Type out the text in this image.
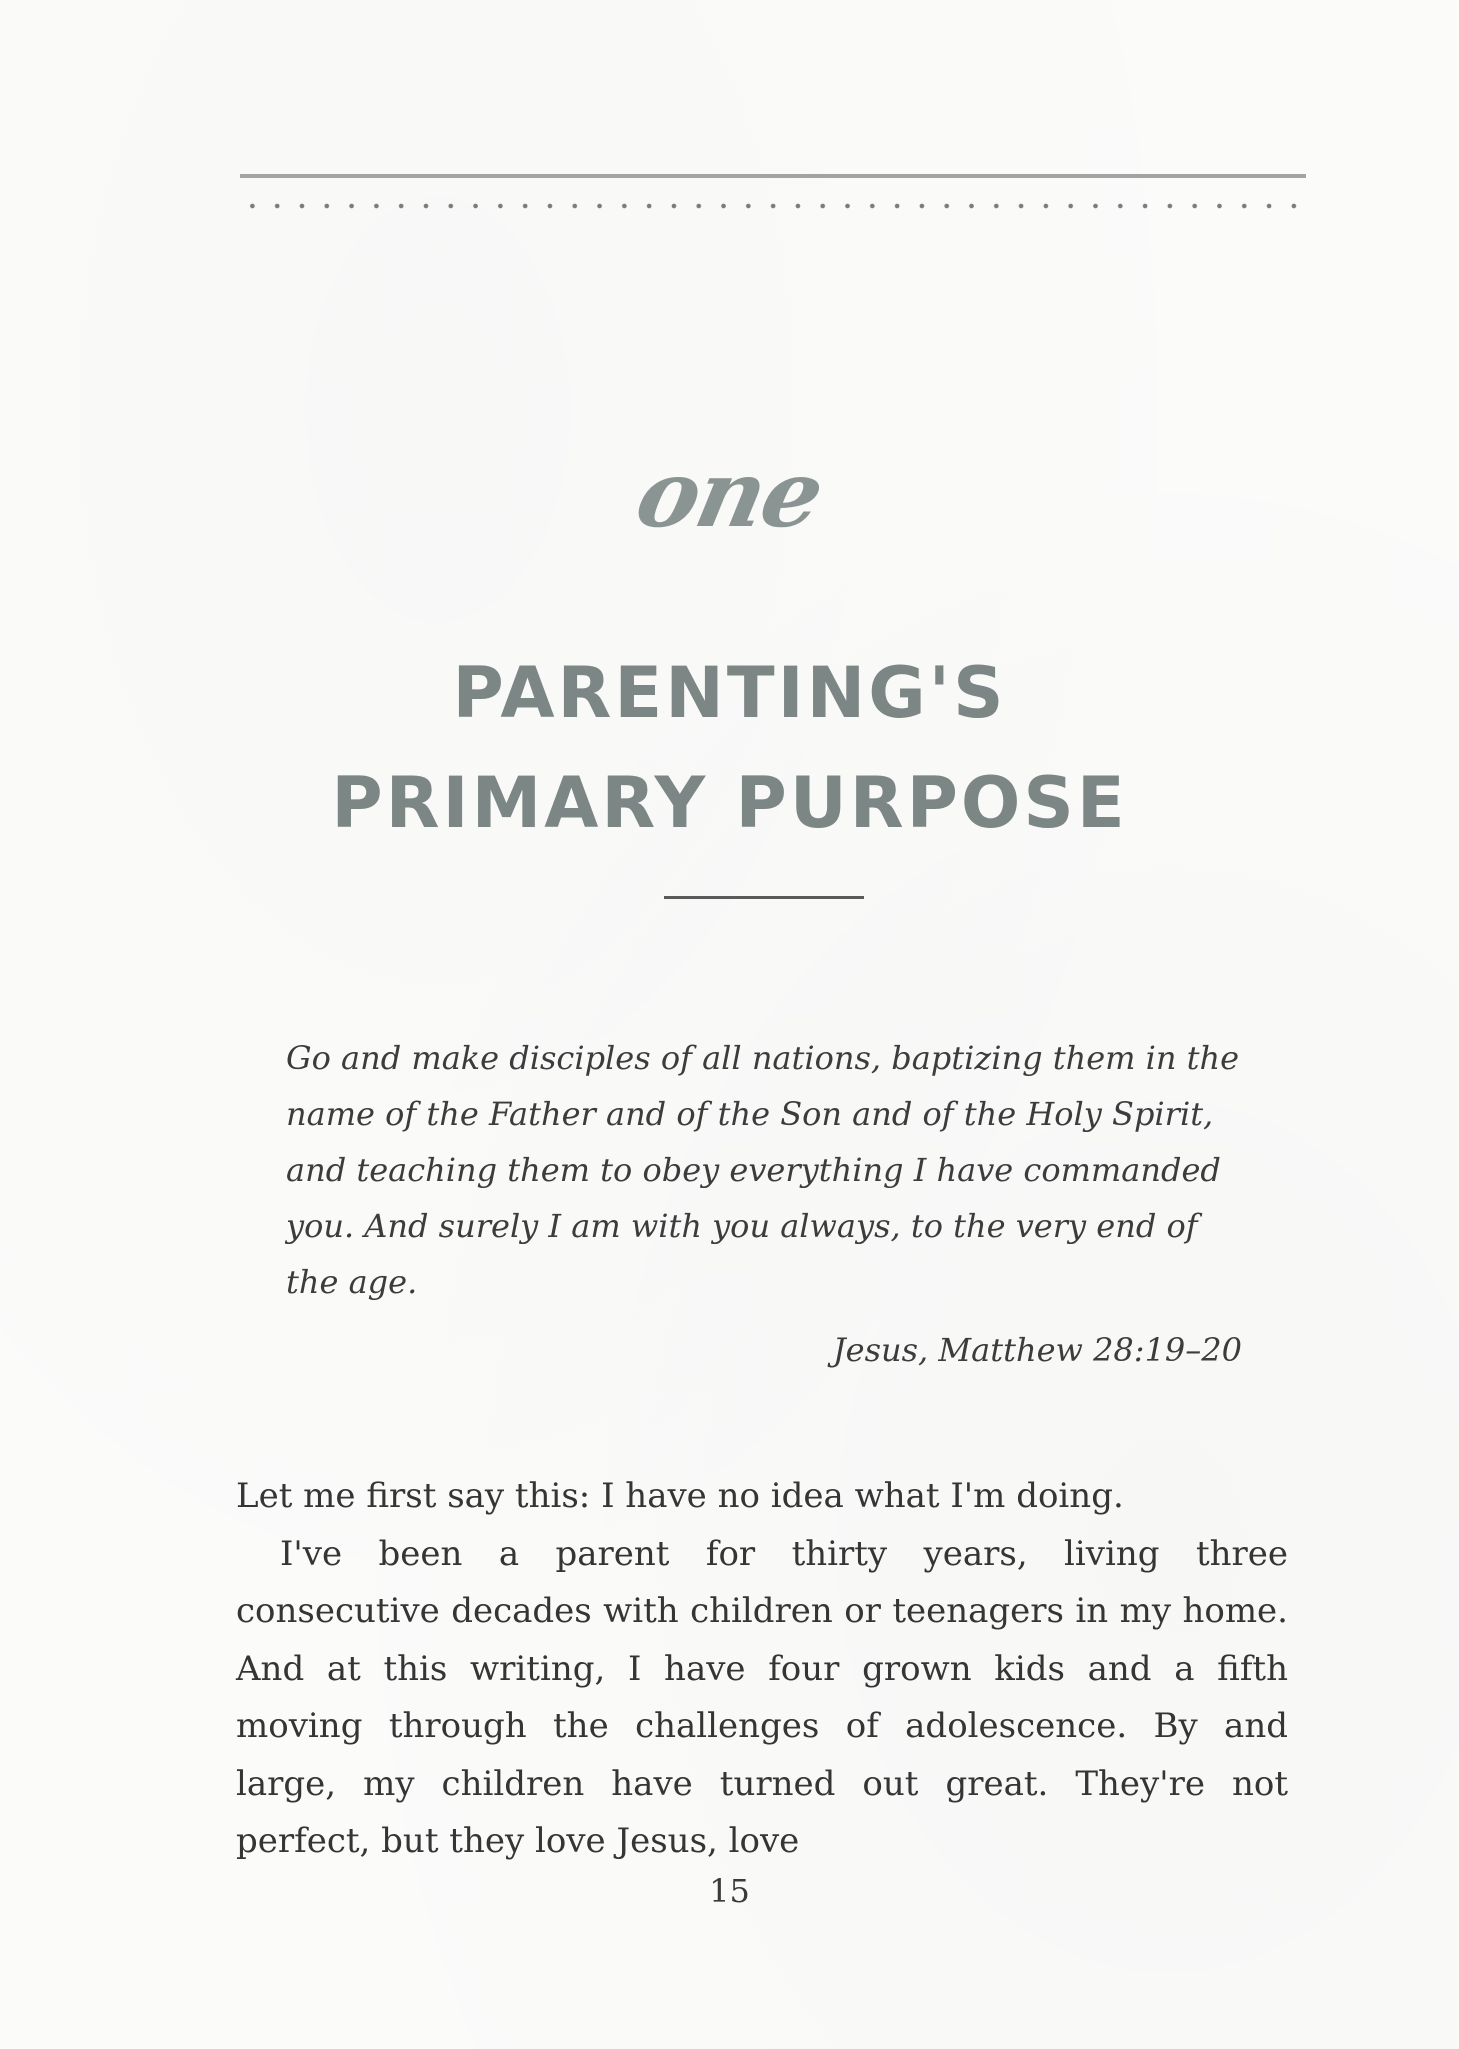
one
PARENTING'S
PRIMARY PURPOSE

Go and make disciples of all nations, baptizing them in the name of the Father and of the Son and of the Holy Spirit, and teaching them to obey everything I have commanded you. And surely I am with you always, to the very end of the age.

Jesus, Matthew 28:19–20

Let me first say this: I have no idea what I'm doing.

I've been a parent for thirty years, living three consecutive decades with children or teenagers in my home. And at this writing, I have four grown kids and a fifth moving through the challenges of adolescence. By and large, my children have turned out great. They're not perfect, but they love Jesus, love

15
